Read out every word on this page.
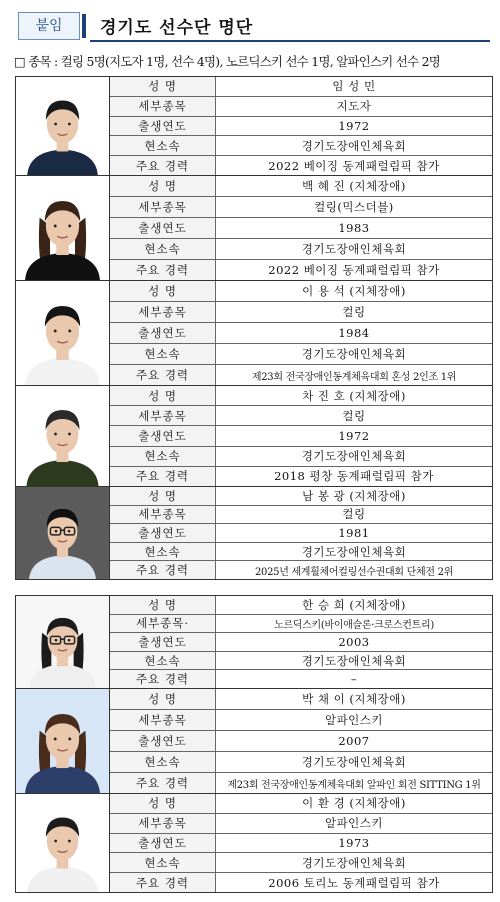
붙임	경기도 선수단 명단
□ 종목 : 컬링 5명(지도자 1명, 선수 4명), 노르딕스키 선수 1명, 알파인스키 선수 2명
성 명	임 성 민
세부종목	지도자
출생연도	1972
현소속	경기도장애인체육회
주요 경력	2022 베이징 동계패럴림픽 참가
성 명	백 혜 진 (지체장애)
세부종목	컬링(믹스더블)
출생연도	1983
현소속	경기도장애인체육회
주요 경력	2022 베이징 동계패럴림픽 참가
성 명	이 용 석 (지체장애)
세부종목	컬링
출생연도	1984
현소속	경기도장애인체육회
주요 경력	제23회 전국장애인동계체육대회 혼성 2인조 1위
성 명	차 진 호 (지체장애)
세부종목	컬링
출생연도	1972
현소속	경기도장애인체육회
주요 경력	2018 평창 동계패럴림픽 참가
성 명	남 봉 광 (지체장애)
세부종목	컬링
출생연도	1981
현소속	경기도장애인체육회
주요 경력	2025년 세계휠체어컬링선수권대회 단체전 2위
성 명	한 승 희 (지체장애)
세부종목·	노르딕스키(바이애슬론·크로스컨트리)
출생연도	2003
현소속	경기도장애인체육회
주요 경력	–
성 명	박 채 이 (지체장애)
세부종목	알파인스키
출생연도	2007
현소속	경기도장애인체육회
주요 경력	제23회 전국장애인동계체육대회 알파인 회전 SITTING 1위
성 명	이 환 경 (지체장애)
세부종목	알파인스키
출생연도	1973
현소속	경기도장애인체육회
주요 경력	2006 토리노 동계패럴림픽 참가
